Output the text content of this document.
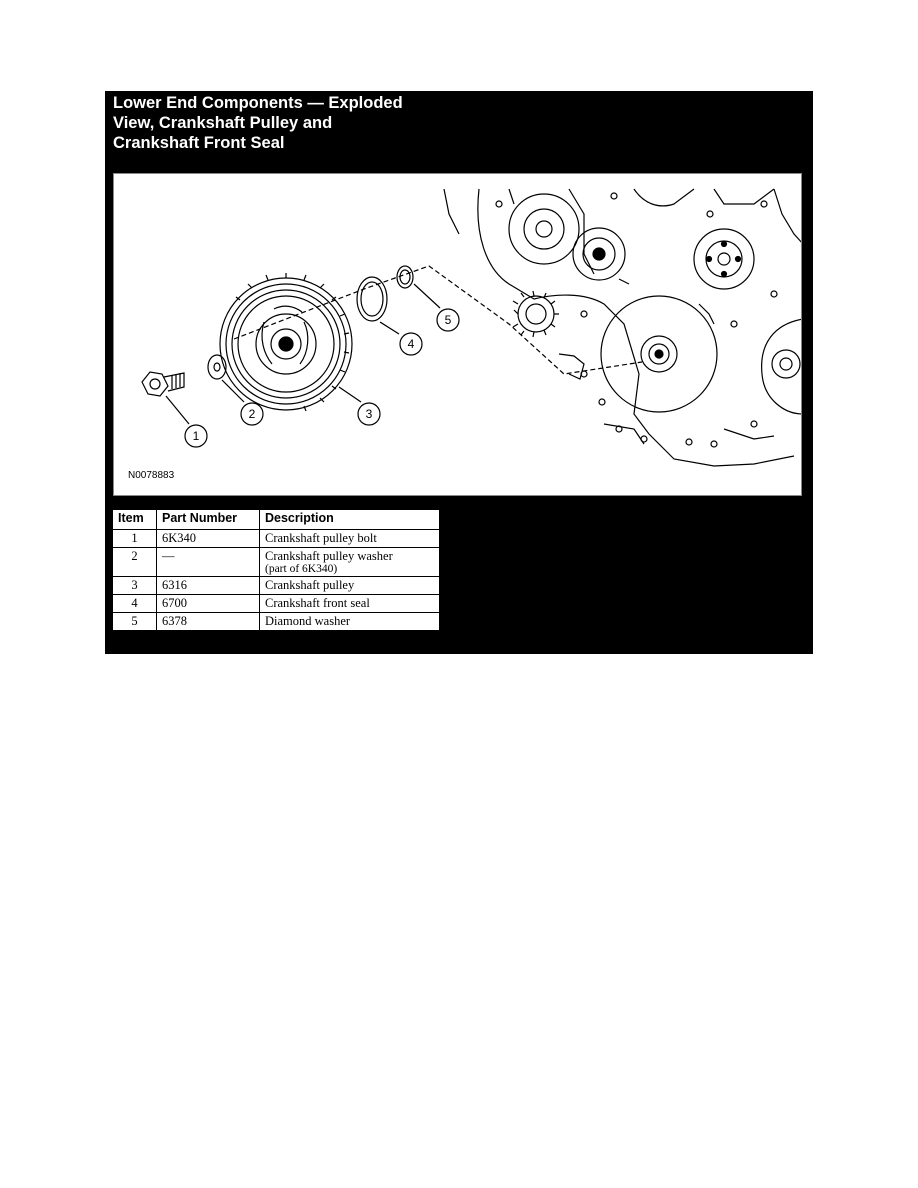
Lower End Components — Exploded
View, Crankshaft Pulley and
Crankshaft Front Seal
1
2	3
4
5
N0078883
Item	Part Number	Description
1	6K340	Crankshaft pulley bolt
2	—	Crankshaft pulley washer
(part of 6K340)

3	6316	Crankshaft pulley
4	6700	Crankshaft front seal
5	6378	Diamond washer
